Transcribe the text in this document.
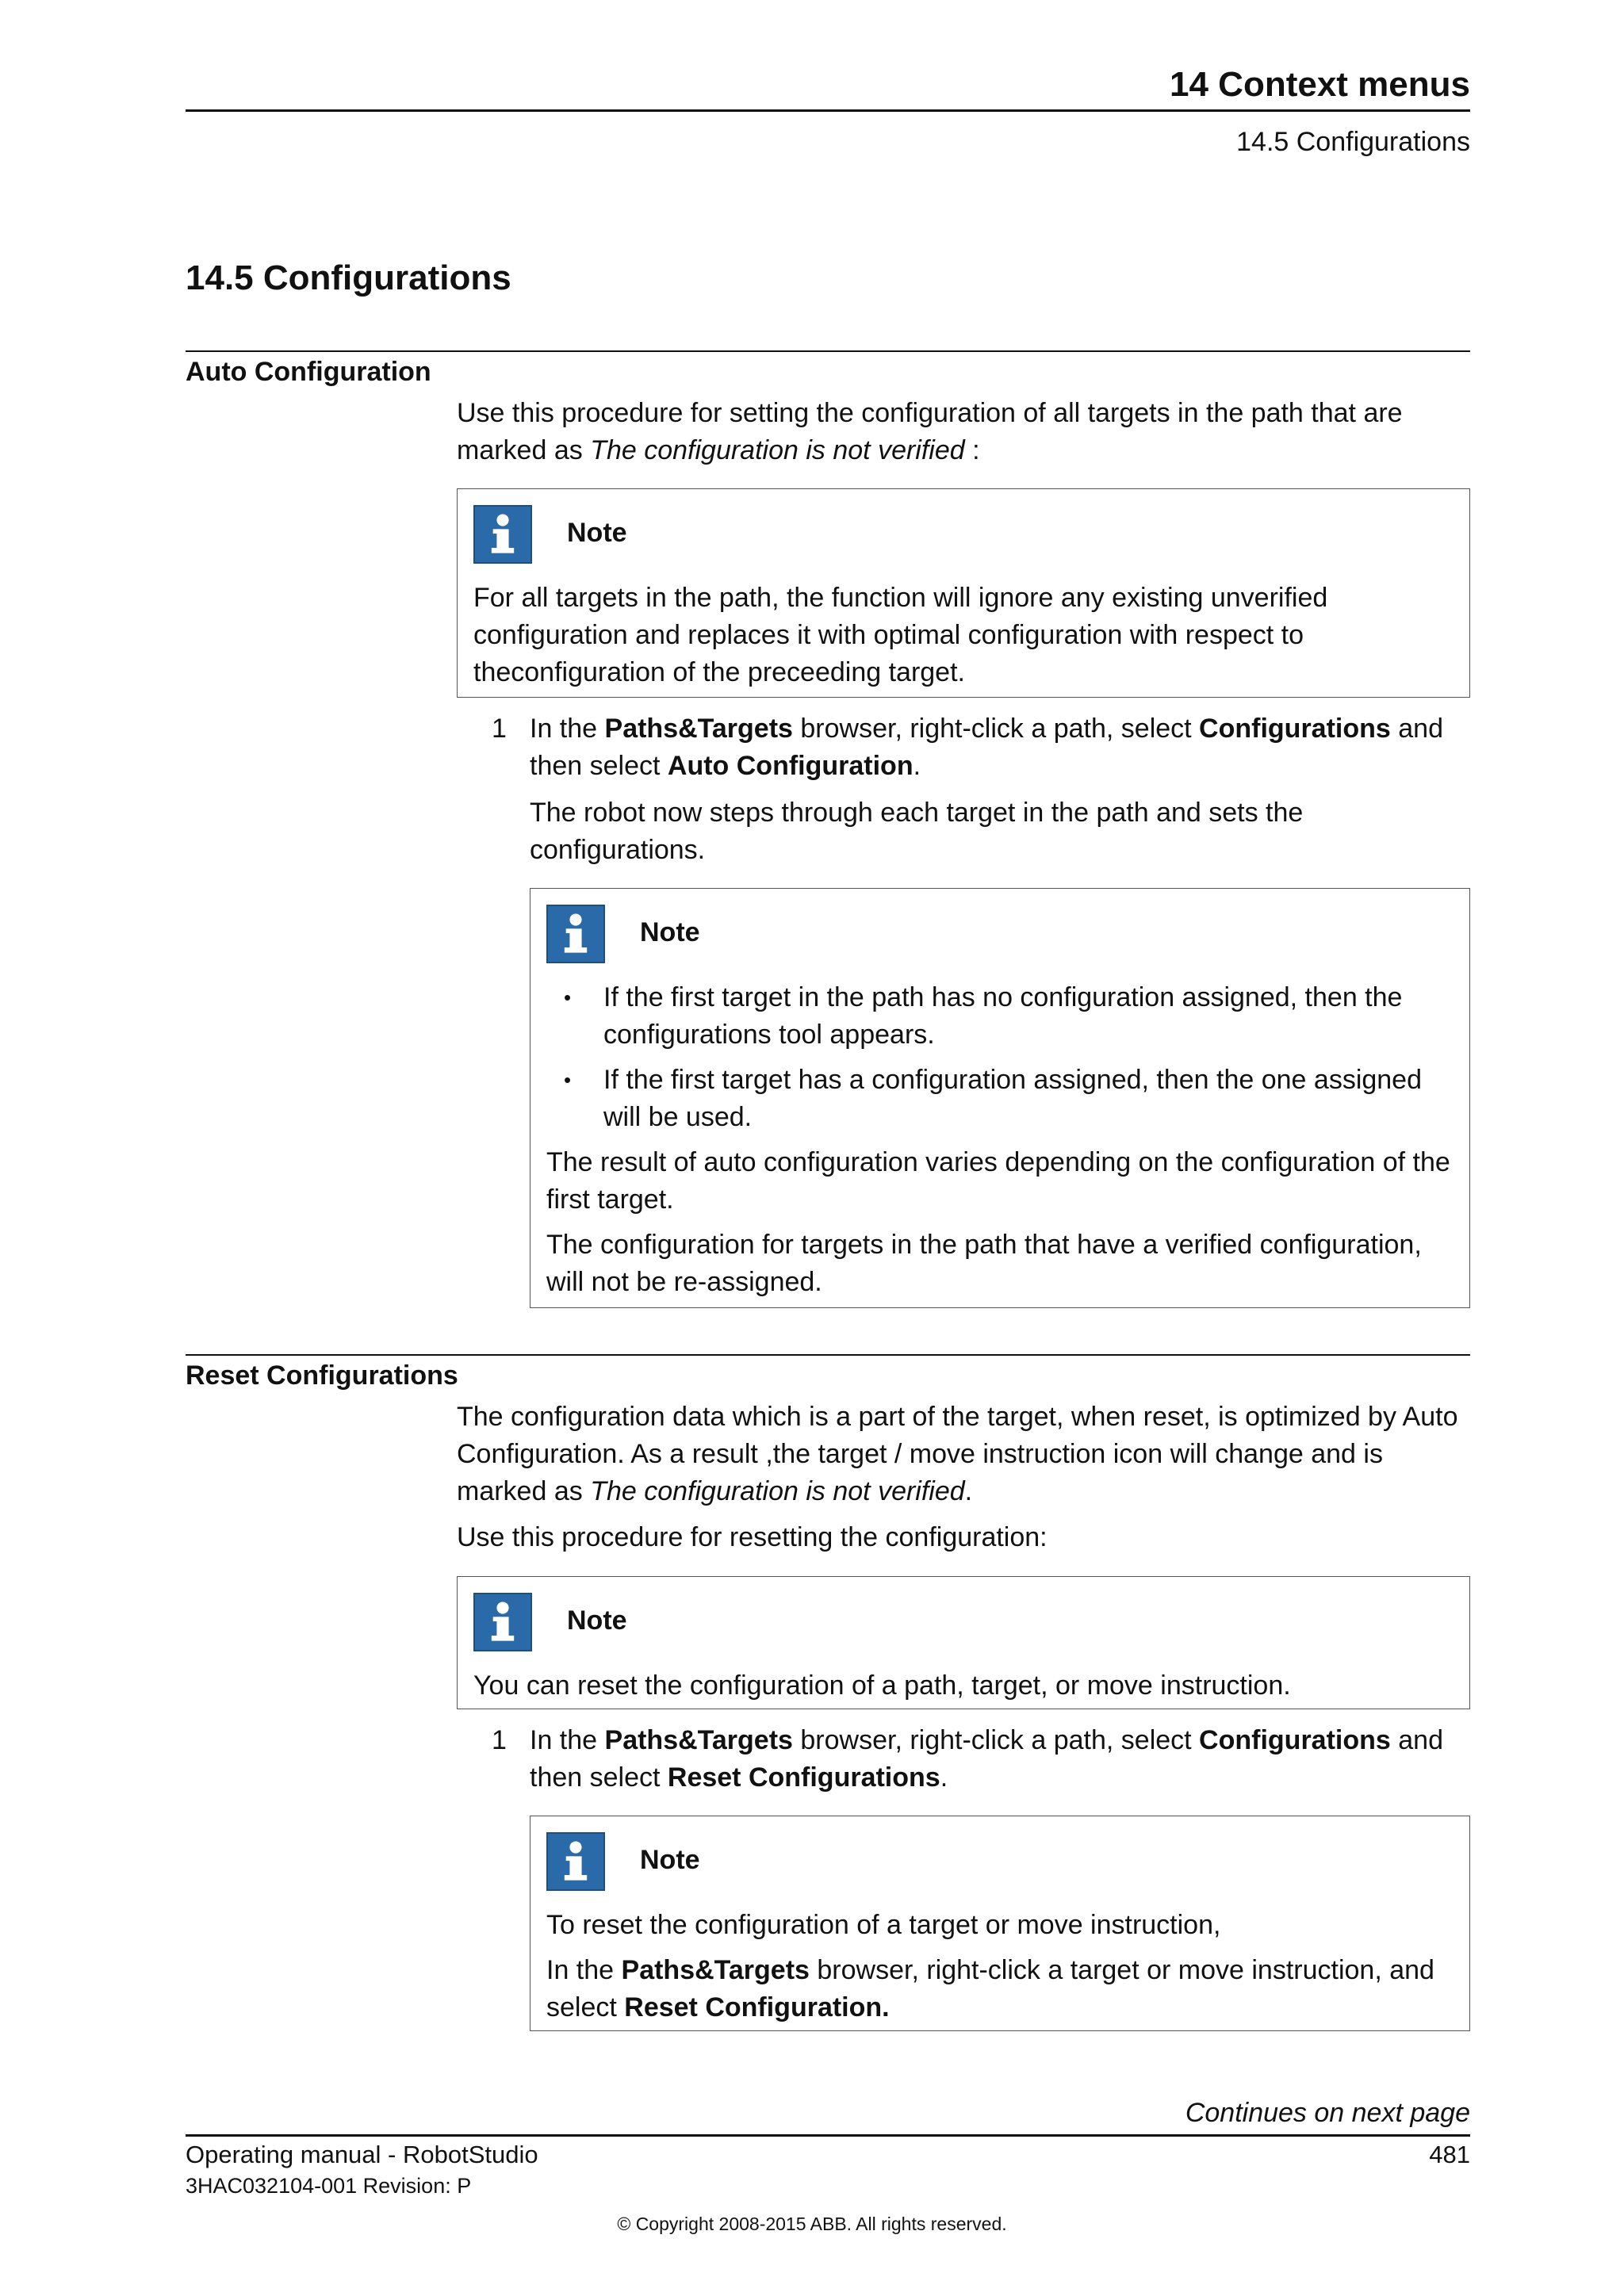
14 Context menus
14.5 Configurations
14.5 Configurations
Auto Configuration
Use this procedure for setting the configuration of all targets in the path that are marked as The configuration is not verified :
Note
For all targets in the path, the function will ignore any existing unverified configuration and replaces it with optimal configuration with respect to theconfiguration of the preceeding target.
1 In the Paths&Targets browser, right-click a path, select Configurations and then select Auto Configuration.
The robot now steps through each target in the path and sets the configurations.
Note
• If the first target in the path has no configuration assigned, then the configurations tool appears.
• If the first target has a configuration assigned, then the one assigned will be used.

The result of auto configuration varies depending on the configuration of the first target.

The configuration for targets in the path that have a verified configuration, will not be re-assigned.

Reset Configurations
The configuration data which is a part of the target, when reset, is optimized by Auto Configuration. As a result ,the target / move instruction icon will change and is marked as The configuration is not verified.
Use this procedure for resetting the configuration:
Note
You can reset the configuration of a path, target, or move instruction.
1 In the Paths&Targets browser, right-click a path, select Configurations and then select Reset Configurations.
Note

To reset the configuration of a target or move instruction,

In the Paths&Targets browser, right-click a target or move instruction, and select Reset Configuration.

Continues on next page
Operating manual - RobotStudio	481
3HAC032104-001 Revision: P
© Copyright 2008-2015 ABB. All rights reserved.
